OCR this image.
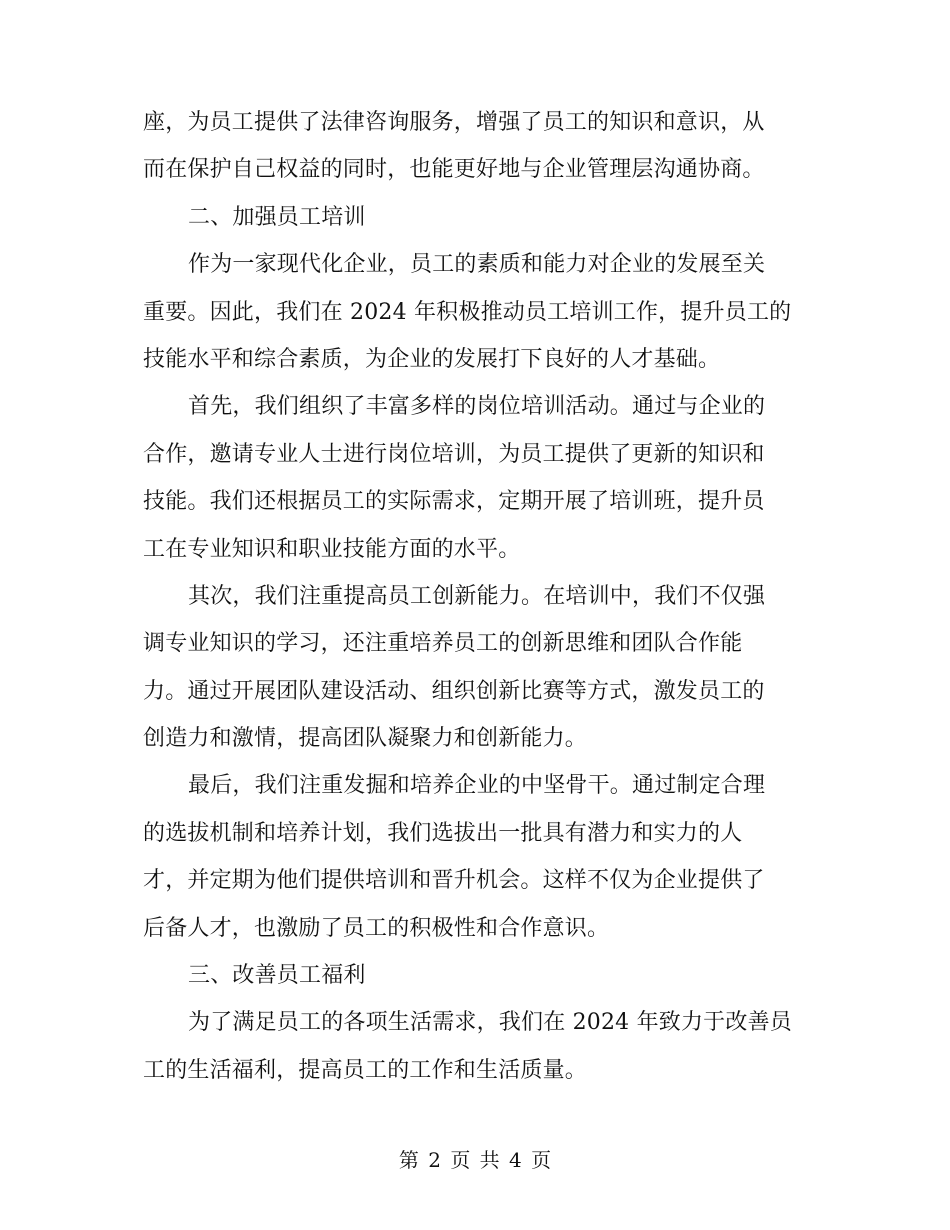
座，为员工提供了法律咨询服务，增强了员工的知识和意识，从
而在保护自己权益的同时，也能更好地与企业管理层沟通协商。
二、加强员工培训
作为一家现代化企业，员工的素质和能力对企业的发展至关
重要。因此，我们在 2024 年积极推动员工培训工作，提升员工的
技能水平和综合素质，为企业的发展打下良好的人才基础。
首先，我们组织了丰富多样的岗位培训活动。通过与企业的
合作，邀请专业人士进行岗位培训，为员工提供了更新的知识和
技能。我们还根据员工的实际需求，定期开展了培训班，提升员
工在专业知识和职业技能方面的水平。
其次，我们注重提高员工创新能力。在培训中，我们不仅强
调专业知识的学习，还注重培养员工的创新思维和团队合作能
力。通过开展团队建设活动、组织创新比赛等方式，激发员工的
创造力和激情，提高团队凝聚力和创新能力。
最后，我们注重发掘和培养企业的中坚骨干。通过制定合理
的选拔机制和培养计划，我们选拔出一批具有潜力和实力的人
才，并定期为他们提供培训和晋升机会。这样不仅为企业提供了
后备人才，也激励了员工的积极性和合作意识。
三、改善员工福利
为了满足员工的各项生活需求，我们在 2024 年致力于改善员
工的生活福利，提高员工的工作和生活质量。
第 2 页 共 4 页
